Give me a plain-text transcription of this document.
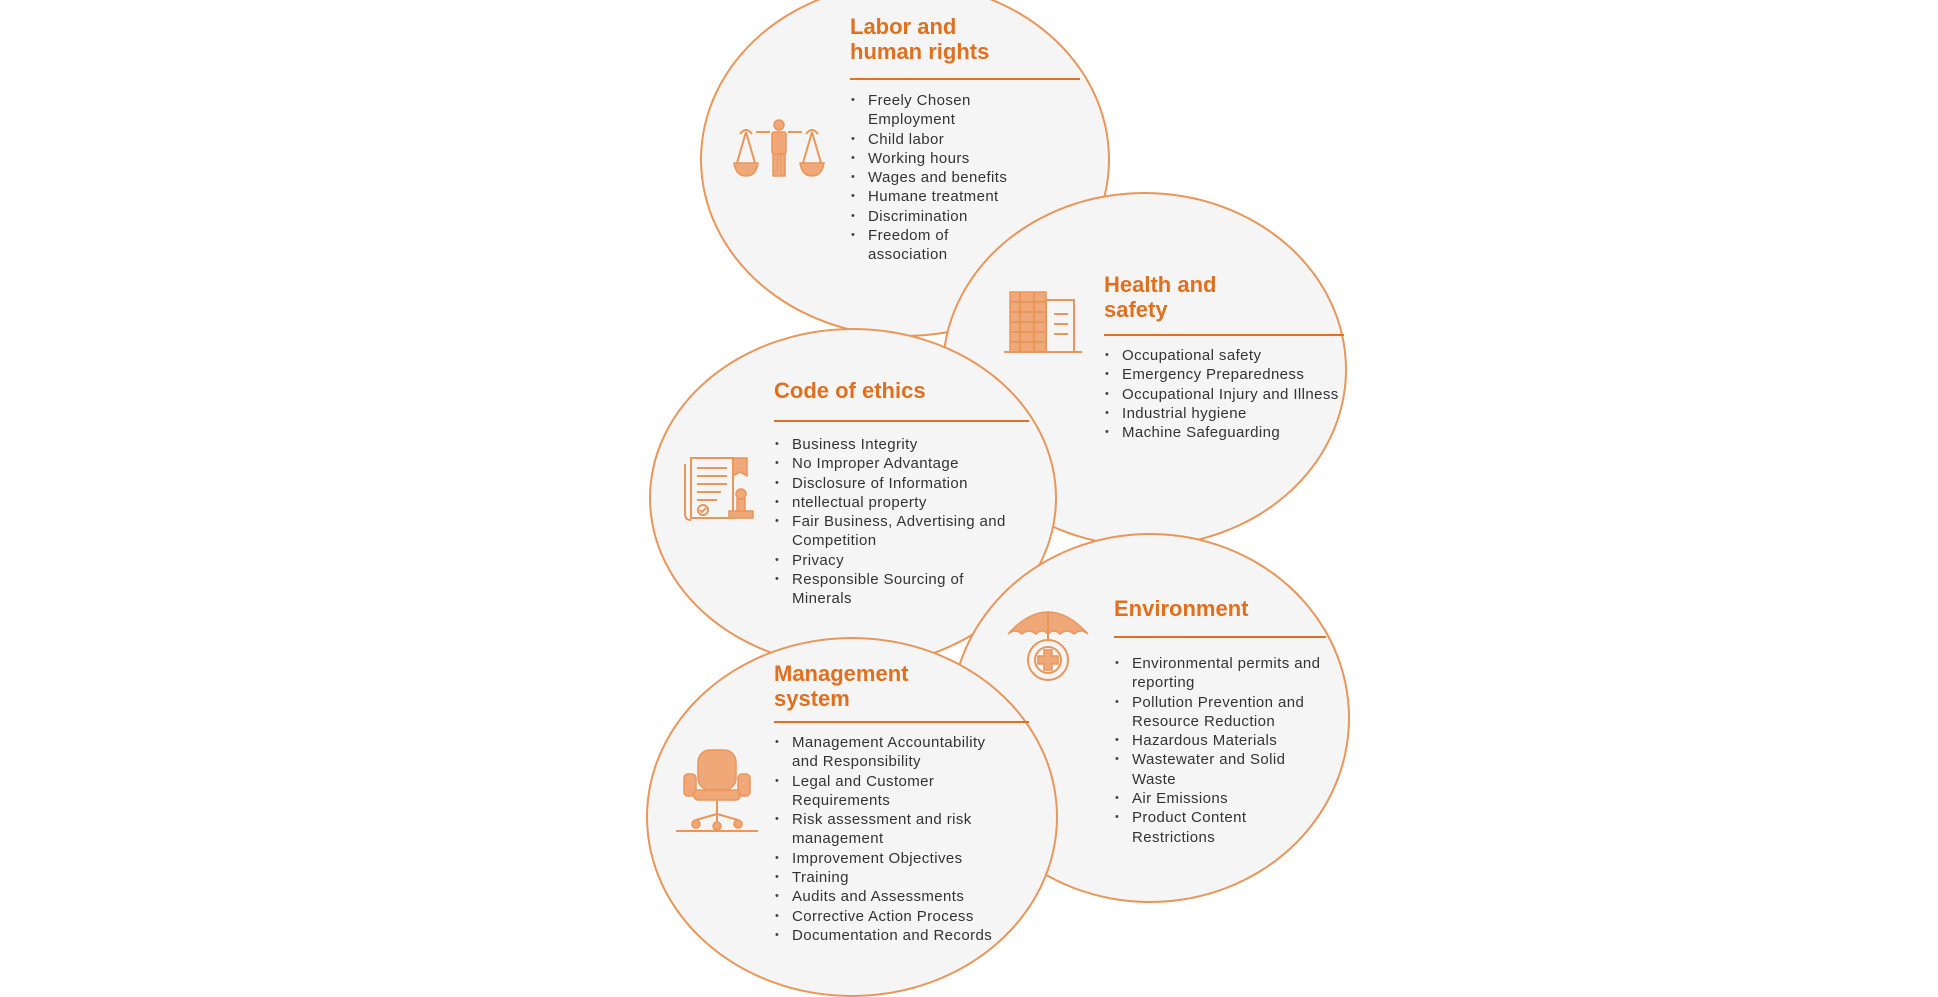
Labor and
human rights
• Freely Chosen Employment
• Child labor
• Working hours
• Wages and benefits
• Humane treatment
• Discrimination
• Freedom of association
Health and
safety
• Occupational safety
• Emergency Preparedness
• Occupational Injury and Illness
• Industrial hygiene
• Machine Safeguarding
Code of ethics
• Business Integrity
• No Improper Advantage
• Disclosure of Information
• ntellectual property
• Fair Business, Advertising and Competition
• Privacy
• Responsible Sourcing of Minerals	Environment
• Environmental permits and reporting
• Pollution Prevention and Resource Reduction
• Hazardous Materials
• Wastewater and Solid Waste
• Air Emissions
• Product Content Restrictions
Management
system
• Management Accountability and Responsibility
• Legal and Customer Requirements
• Risk assessment and risk management
• Improvement Objectives
• Training
• Audits and Assessments
• Corrective Action Process
• Documentation and Records
